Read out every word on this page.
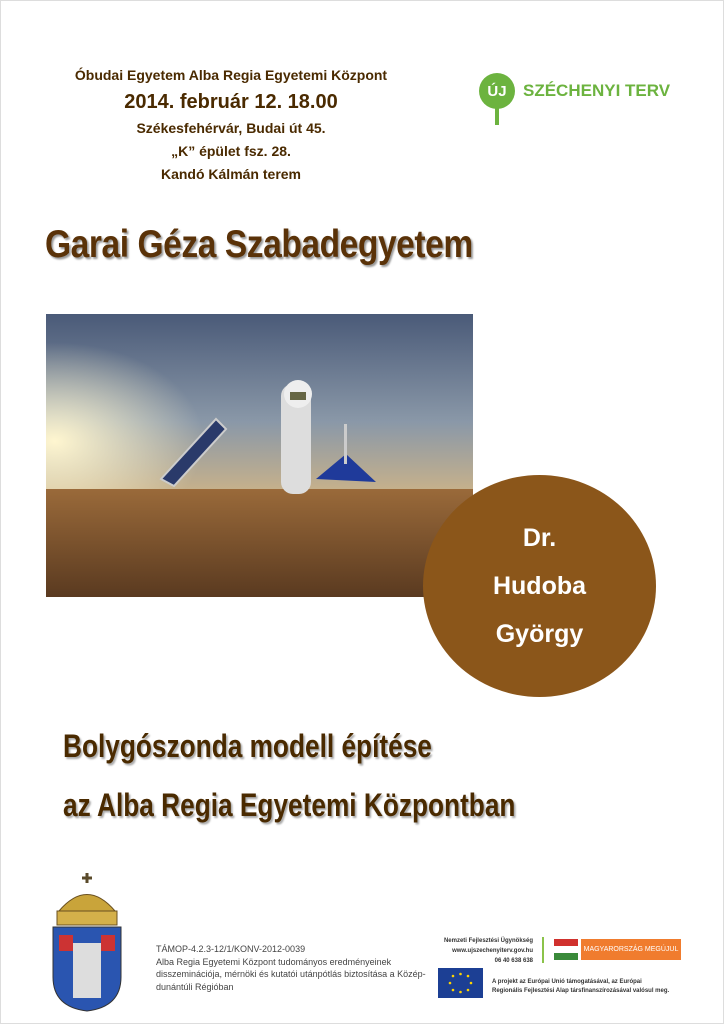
Óbudai Egyetem Alba Regia Egyetemi Központ
2014. február 12. 18.00
Székesfehérvár, Budai út 45.
„K” épület fsz. 28.
Kandó Kálmán terem
ÚJ SZÉCHENYI TERV
Garai Géza Szabadegyetem
Dr.
Hudoba
György
Bolygószonda modell építése
az Alba Regia Egyetemi Központban
TÁMOP-4.2.3-12/1/KONV-2012-0039
Alba Regia Egyetemi Központ tudományos eredményeinek disszeminációja, mérnöki és kutatói utánpótlás biztosítása a Közép-dunántúli Régióban
Nemzeti Fejlesztési Ügynökség
www.ujszechenyiterv.gov.hu
06 40 638 638
MAGYARORSZÁG MEGÚJUL
A projekt az Európai Unió támogatásával, az Európai
Regionális Fejlesztési Alap társfinanszírozásával valósul meg.
